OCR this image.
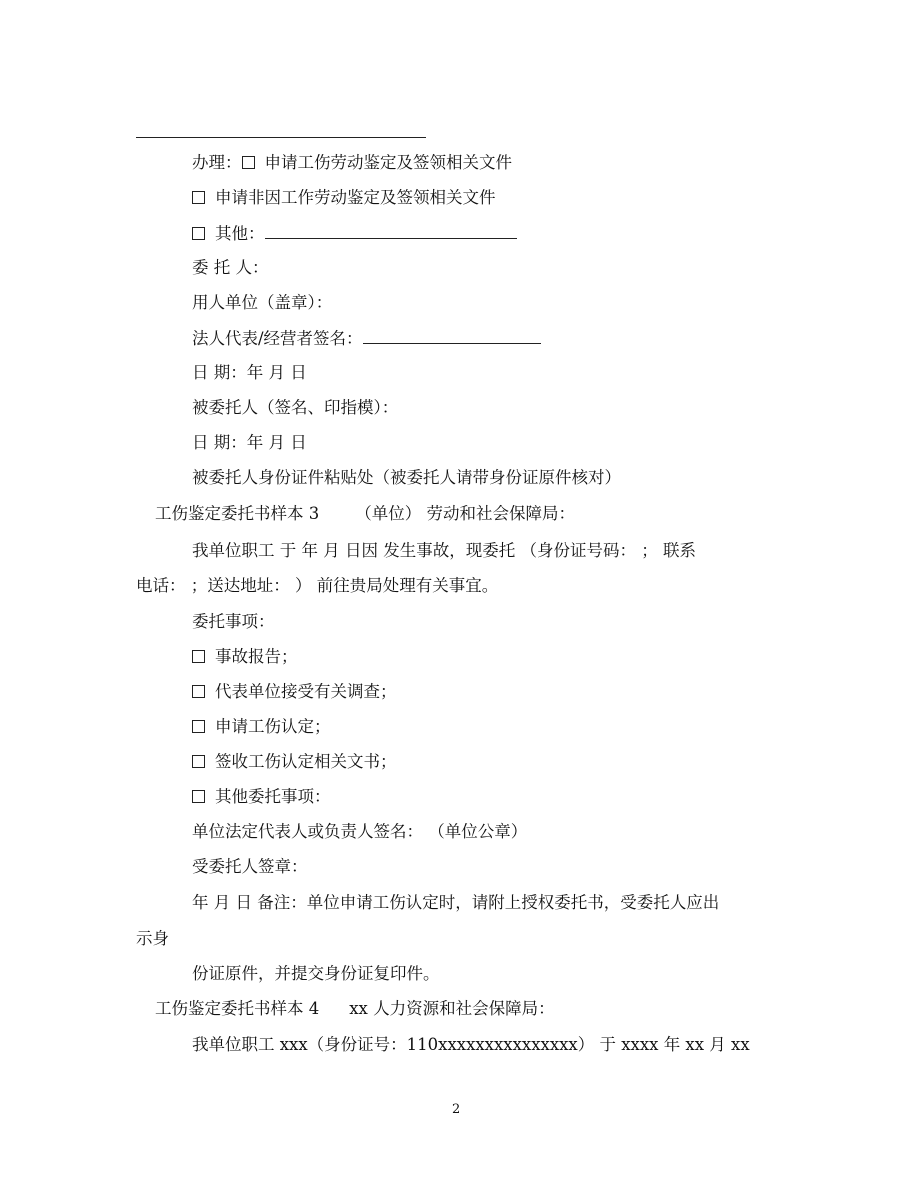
办理： 申请工伤劳动鉴定及签领相关文件
申请非因工作劳动鉴定及签领相关文件
其他：
委 托 人：
用人单位（盖章）：
法人代表/经营者签名：
日 期：年 月 日
被委托人（签名、印指模）：
日 期：年 月 日
被委托人身份证件粘贴处（被委托人请带身份证原件核对）
工伤鉴定委托书样本 3 （单位） 劳动和社会保障局：
我单位职工 于 年 月 日因 发生事故，现委托 （身份证号码： ； 联系
电话： ；送达地址： ） 前往贵局处理有关事宜。
委托事项：
事故报告；
代表单位接受有关调查；
申请工伤认定；
签收工伤认定相关文书；
其他委托事项：
单位法定代表人或负责人签名： （单位公章）
受委托人签章：
年 月 日 备注：单位申请工伤认定时，请附上授权委托书，受委托人应出
示身
份证原件，并提交身份证复印件。
工伤鉴定委托书样本 4 xx 人力资源和社会保障局：
我单位职工 xxx（身份证号：110xxxxxxxxxxxxxxx） 于 xxxx 年 xx 月 xx
2
